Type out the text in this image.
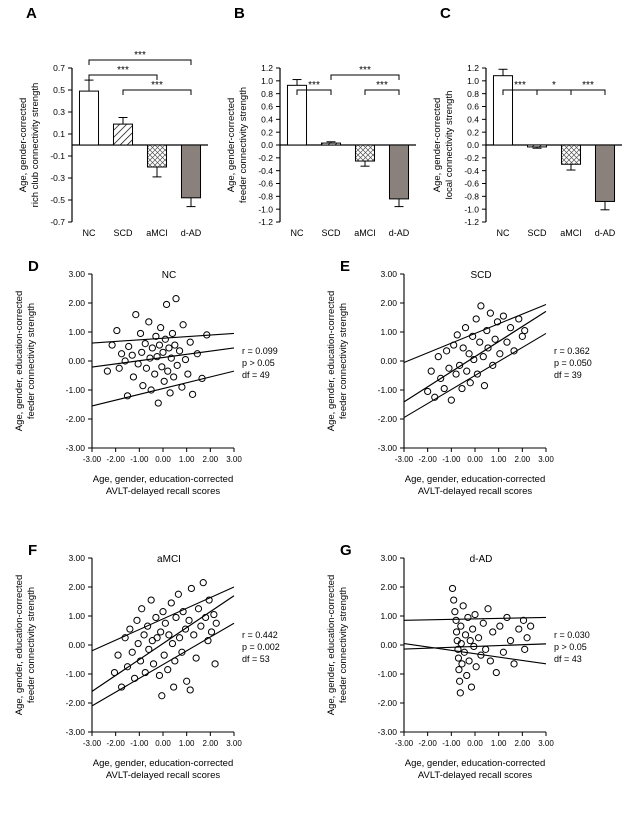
A
-0.7
-0.5
-0.3
-0.1
0.1
0.3
0.5
0.7
NC SCD aMCI d-AD
***
***
***
Age, gender-corrected rich club connectivity strength
B
-1.2
-1.0
-0.8
-0.6
-0.4
-0.2
0.0
0.2
0.4
0.6
0.8
1.0
1.2
NC SCD aMCI d-AD
***	***
***
Age, gender-corrected feeder connectivity strength
C
-1.2
-1.0
-0.8
-0.6
-0.4
-0.2
0.0
0.2
0.4
0.6
0.8
1.0
1.2
NC SCD aMCI d-AD
***	*	***
Age, gender-corrected local connectivity strength
D
-3.00
-2.00
-1.00
0.00
1.00
2.00
3.00
-3.00 -2.00 -1.00 0.00 1.00 2.00 3.00
NC
r = 0.099
p > 0.05
df = 49
Age, gender, education-corrected feeder connectivity strength
Age, gender, education-corrected
AVLT-delayed recall scores
E
-3.00
-2.00
-1.00
0.00
1.00
2.00
3.00
-3.00 -2.00 -1.00 0.00 1.00 2.00 3.00
SCD
r = 0.362
p = 0.050
df = 39
Age, gender, education-corrected feeder connectivity strength
Age, gender, education-corrected
AVLT-delayed recall scores
F
-3.00
-2.00
-1.00
0.00
1.00
2.00
3.00
-3.00 -2.00 -1.00 0.00 1.00 2.00 3.00
aMCI
r = 0.442
p = 0.002
df = 53
Age, gender, education-corrected feeder connectivity strength
Age, gender, education-corrected
AVLT-delayed recall scores
G
-3.00
-2.00
-1.00
0.00
1.00
2.00
3.00
-3.00 -2.00 -1.00 0.00 1.00 2.00 3.00
d-AD
r = 0.030
p > 0.05
df = 43
Age, gender, education-corrected feeder connectivity strength
Age, gender, education-corrected
AVLT-delayed recall scores
